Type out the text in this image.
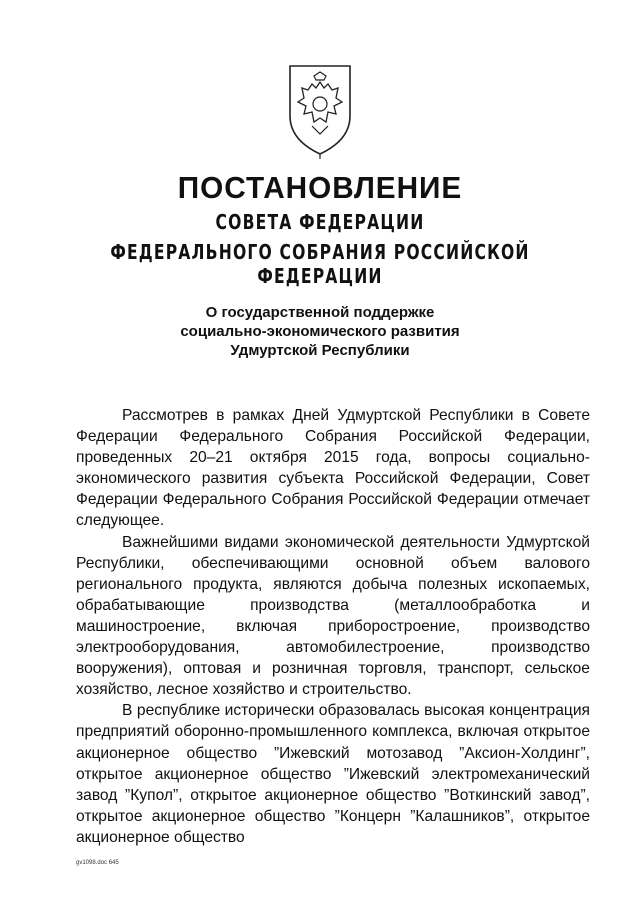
ПОСТАНОВЛЕНИЕ
СОВЕТА ФЕДЕРАЦИИ
ФЕДЕРАЛЬНОГО СОБРАНИЯ РОССИЙСКОЙ ФЕДЕРАЦИИ
О государственной поддержке
социально-экономического развития
Удмуртской Республики

Рассмотрев в рамках Дней Удмуртской Республики в Совете Федерации Федерального Собрания Российской Федерации, проведенных 20–21 октября 2015 года, вопросы социально-экономического развития субъекта Российской Федерации, Совет Федерации Федерального Собрания Российской Федерации отмечает следующее.

Важнейшими видами экономической деятельности Удмуртской Республики, обеспечивающими основной объем валового регионального продукта, являются добыча полезных ископаемых, обрабатывающие производства (металлообработка и машиностроение, включая приборостроение, производство электрооборудования, автомобилестроение, производство вооружения), оптовая и розничная торговля, транспорт, сельское хозяйство, лесное хозяйство и строительство.

В республике исторически образовалась высокая концентрация предприятий оборонно-промышленного комплекса, включая открытое акционерное общество ”Ижевский мотозавод ”Аксион-Холдинг”, открытое акционерное общество ”Ижевский электромеханический завод ”Купол”, открытое акционерное общество ”Воткинский завод”, открытое акционерное общество ”Концерн ”Калашников”, открытое акционерное общество

gv1098.doc 645
